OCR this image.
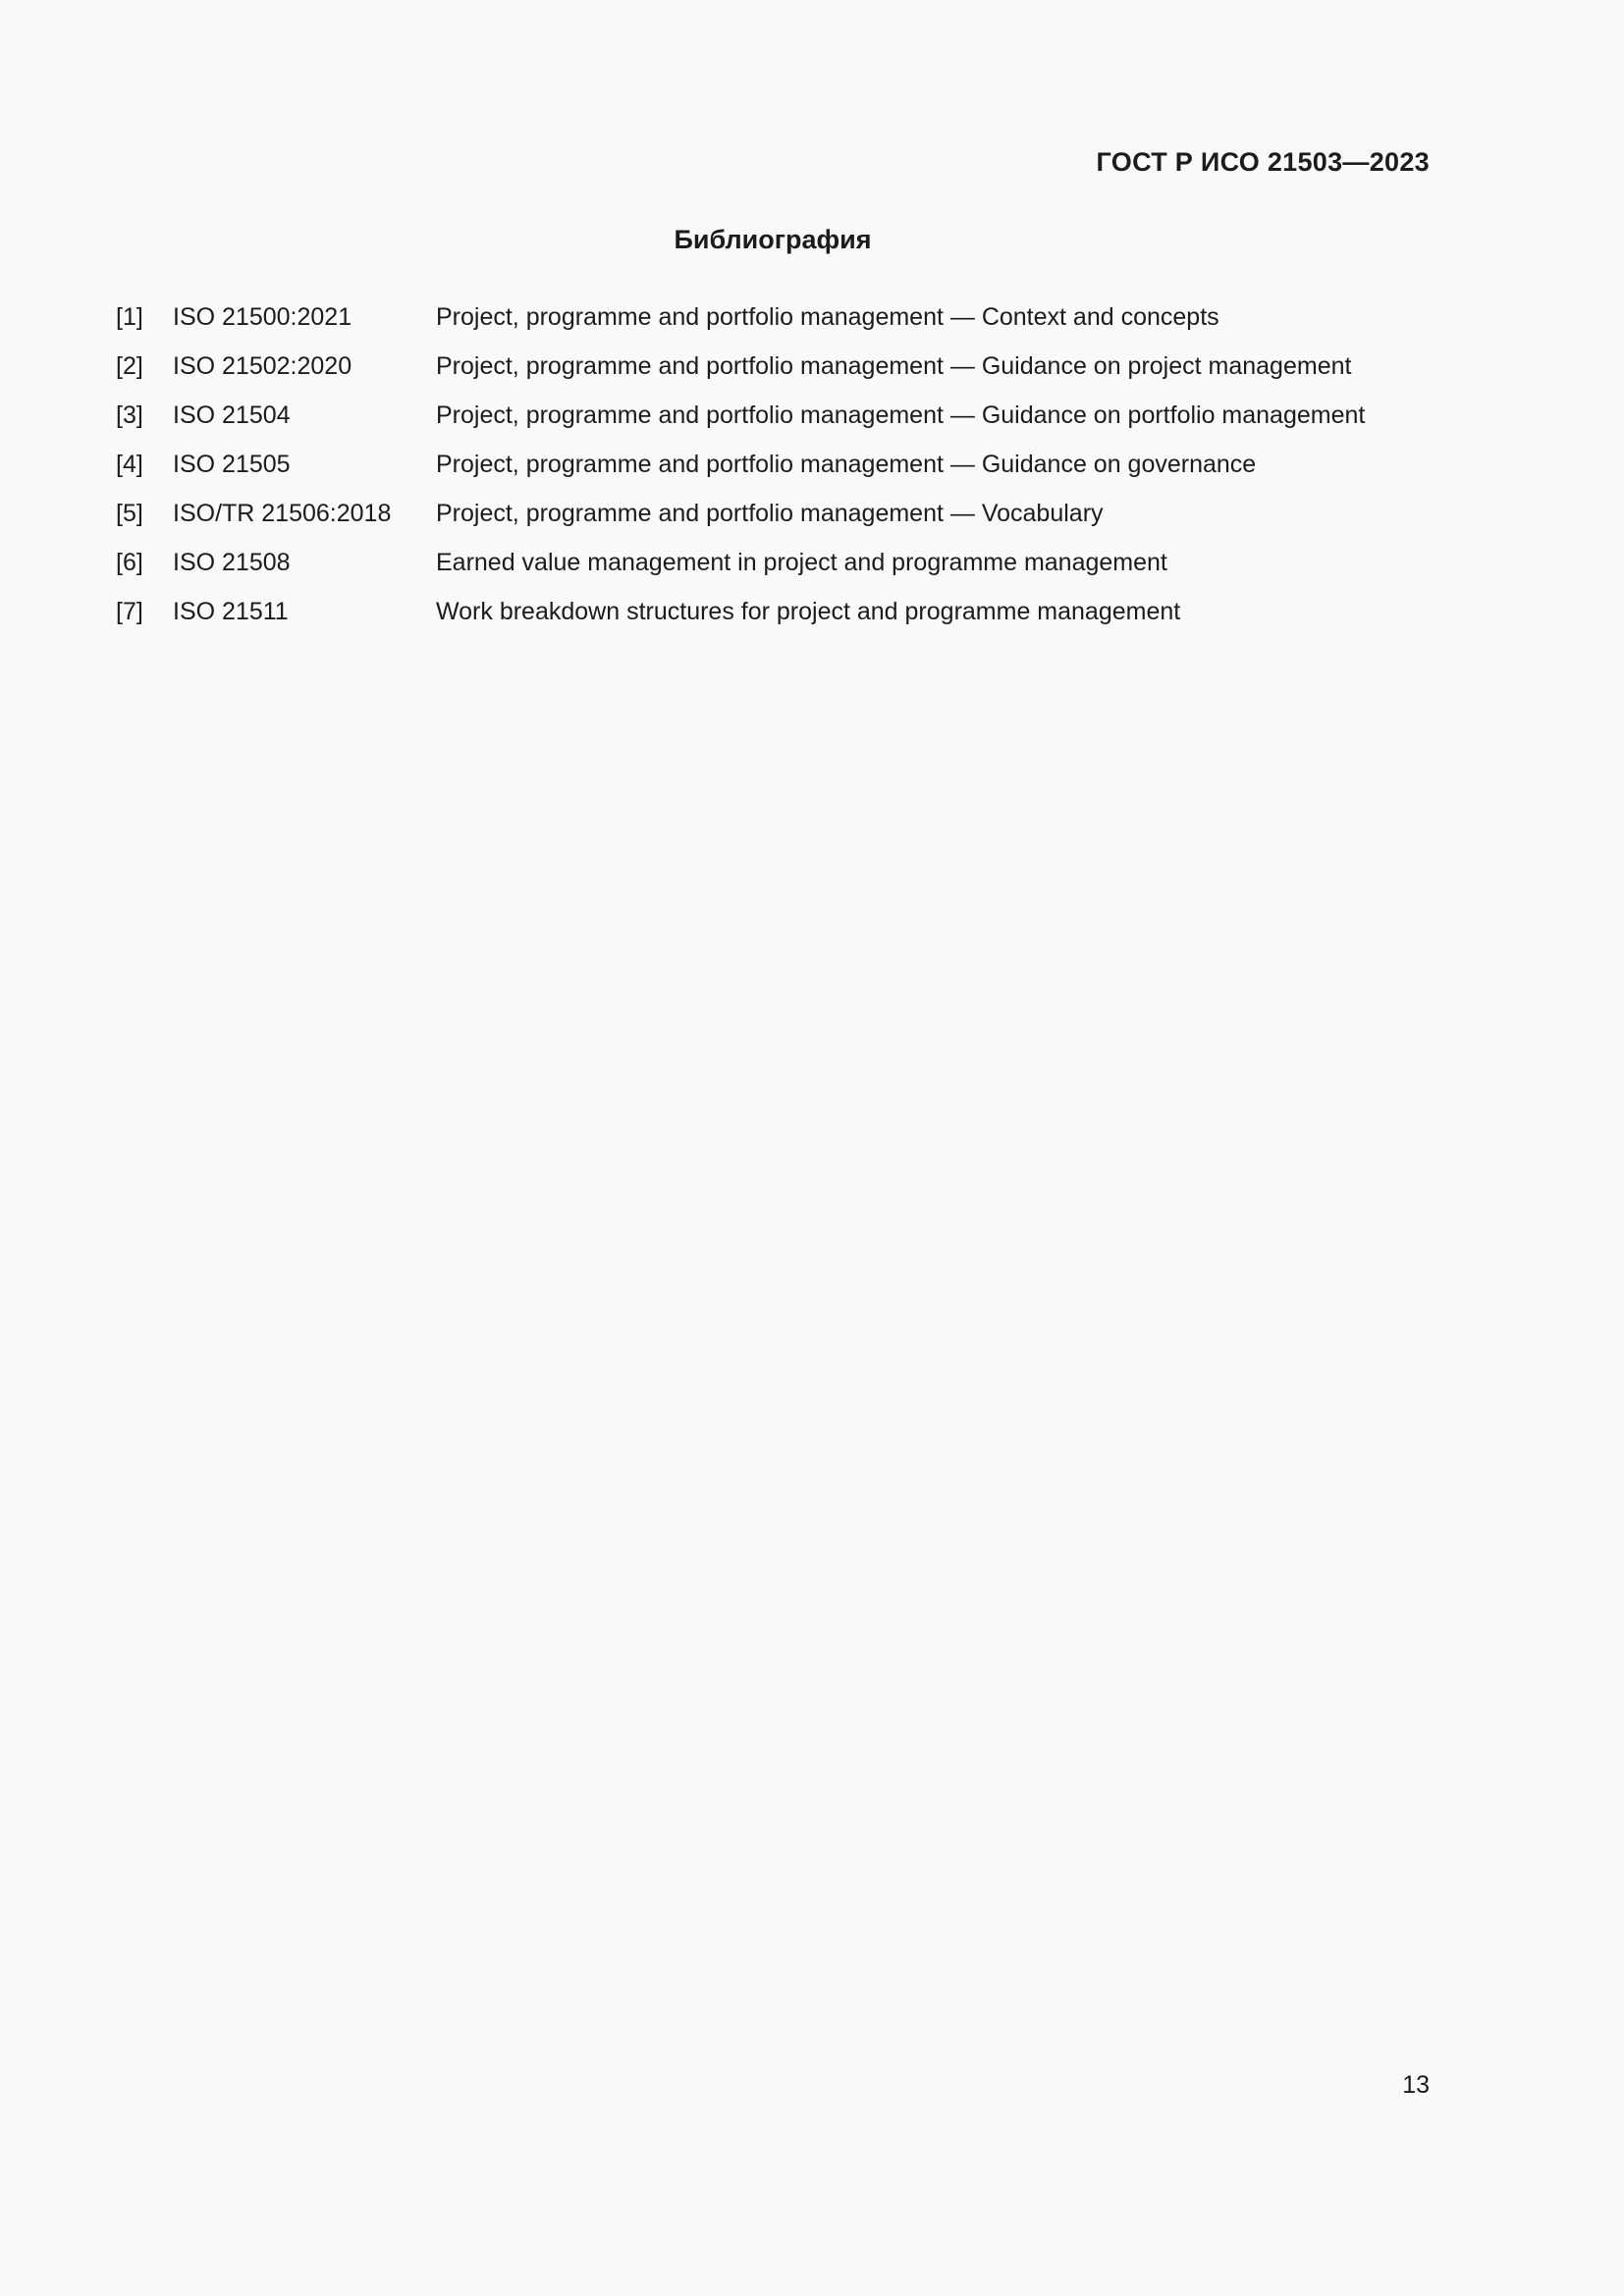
ГОСТ Р ИСО 21503—2023
Библиография
[1] ISO 21500:2021	Project, programme and portfolio management — Context and concepts
[2] ISO 21502:2020	Project, programme and portfolio management — Guidance on project management
[3] ISO 21504	Project, programme and portfolio management — Guidance on portfolio management
[4] ISO 21505	Project, programme and portfolio management — Guidance on governance
[5] ISO/TR 21506:2018 Project, programme and portfolio management — Vocabulary
[6] ISO 21508	Earned value management in project and programme management
[7] ISO 21511	Work breakdown structures for project and programme management
13
